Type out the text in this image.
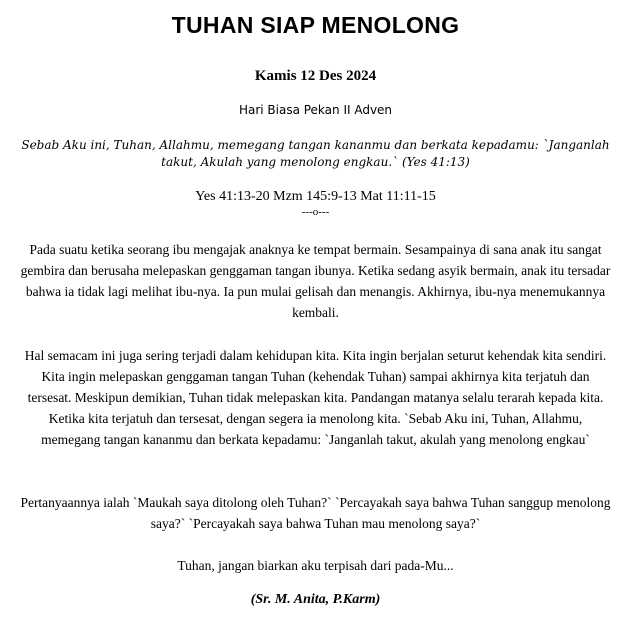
TUHAN SIAP MENOLONG
Kamis 12 Des 2024
Hari Biasa Pekan II Adven
Sebab Aku ini, Tuhan, Allahmu, memegang tangan kananmu dan berkata kepadamu: `Janganlah takut, Akulah yang menolong engkau.` (Yes 41:13)
Yes 41:13-20 Mzm 145:9-13 Mat 11:11-15
---o---

Pada suatu ketika seorang ibu mengajak anaknya ke tempat bermain. Sesampainya di sana anak itu sangat gembira dan berusaha melepaskan genggaman tangan ibunya. Ketika sedang asyik bermain, anak itu tersadar bahwa ia tidak lagi melihat ibu-nya. Ia pun mulai gelisah dan menangis. Akhirnya, ibu-nya menemukannya kembali.

Hal semacam ini juga sering terjadi dalam kehidupan kita. Kita ingin berjalan seturut kehendak kita sendiri. Kita ingin melepaskan genggaman tangan Tuhan (kehendak Tuhan) sampai akhirnya kita terjatuh dan tersesat. Meskipun demikian, Tuhan tidak melepaskan kita. Pandangan matanya selalu terarah kepada kita. Ketika kita terjatuh dan tersesat, dengan segera ia menolong kita. `Sebab Aku ini, Tuhan, Allahmu, memegang tangan kananmu dan berkata kepadamu: `Janganlah takut, akulah yang menolong engkau`

Pertanyaannya ialah `Maukah saya ditolong oleh Tuhan?` `Percayakah saya bahwa Tuhan sanggup menolong saya?` `Percayakah saya bahwa Tuhan mau menolong saya?`

Tuhan, jangan biarkan aku terpisah dari pada-Mu...

(Sr. M. Anita, P.Karm)
